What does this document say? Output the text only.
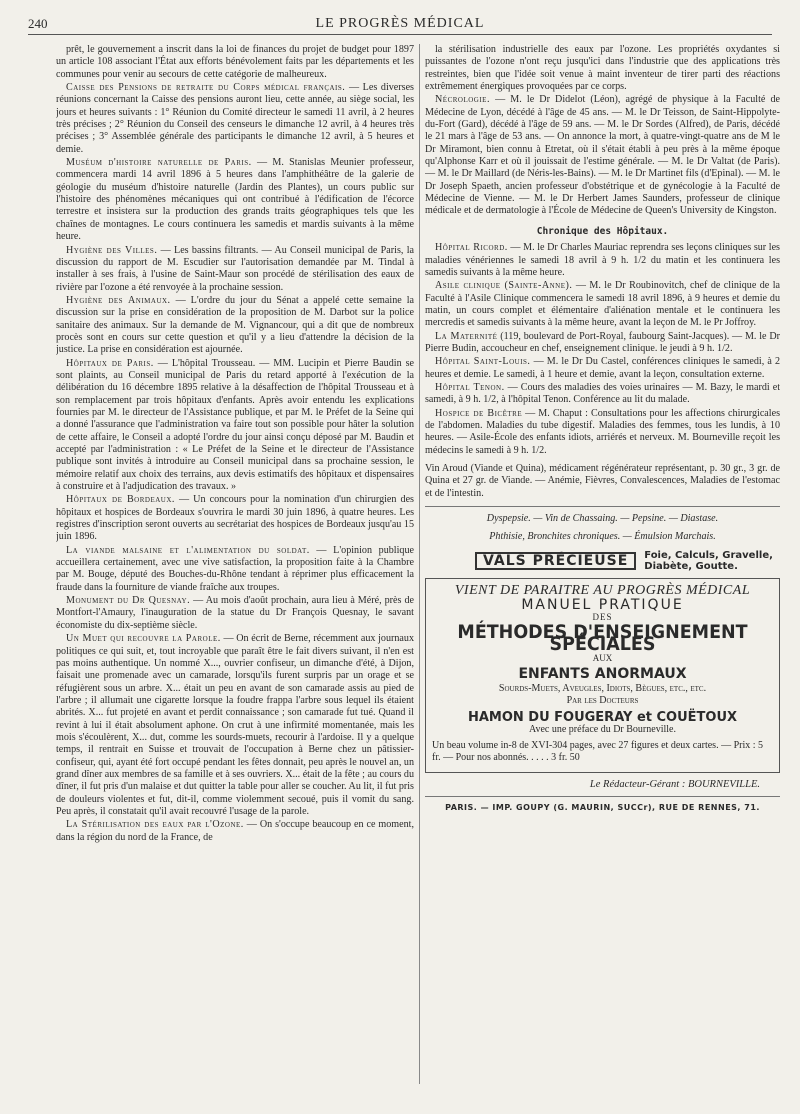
240	LE PROGRÈS MÉDICAL

prêt, le gouvernement a inscrit dans la loi de finances du projet de budget pour 1897 un article 108 associant l'État aux efforts bénévolement faits par les départements et les communes pour venir au secours de cette catégorie de malheureux.

Caisse des Pensions de retraite du Corps médical français. — Les diverses réunions concernant la Caisse des pensions auront lieu, cette année, au siège social, les jours et heures suivants : 1° Réunion du Comité directeur le samedi 11 avril, à 2 heures très précises ; 2° Réunion du Conseil des censeurs le dimanche 12 avril, à 4 heures très précises ; 3° Assemblée générale des participants le dimanche 12 avril, à 5 heures et demie.

Muséum d'histoire naturelle de Paris. — M. Stanislas Meunier professeur, commencera mardi 14 avril 1896 à 5 heures dans l'amphithéâtre de la galerie de géologie du muséum d'histoire naturelle (Jardin des Plantes), un cours public sur l'histoire des phénomènes mécaniques qui ont contribué à l'édification de l'écorce terrestre et insistera sur la production des grands traits géographiques tels que les chaînes de montagnes. Le cours continuera les samedis et mardis suivants à la même heure.

Hygiène des Villes. — Les bassins filtrants. — Au Conseil municipal de Paris, la discussion du rapport de M. Escudier sur l'autorisation demandée par M. Tindal à installer à ses frais, à l'usine de Saint-Maur son procédé de stérilisation des eaux de rivière par l'ozone a été renvoyée à la prochaine session.

Hygiène des Animaux. — L'ordre du jour du Sénat a appelé cette semaine la discussion sur la prise en considération de la proposition de M. Darbot sur la police sanitaire des animaux. Sur la demande de M. Vignancour, qui a dit que de nombreux procès sont en cours sur cette question et qu'il y a lieu d'attendre la décision de la justice. La prise en considération est ajournée.

Hôpitaux de Paris. — L'hôpital Trousseau. — MM. Lucipin et Pierre Baudin se sont plaints, au Conseil municipal de Paris du retard apporté à l'exécution de la délibération du 16 décembre 1895 relative à la désaffection de l'hôpital Trousseau et à son remplacement par trois hôpitaux d'enfants. Après avoir entendu les explications fournies par M. le directeur de l'Assistance publique, et par M. le Préfet de la Seine qui a donné l'assurance que l'administration va faire tout son possible pour hâter la solution de cette affaire, le Conseil a adopté l'ordre du jour ainsi conçu déposé par M. Baudin et accepté par l'administration : « Le Préfet de la Seine et le directeur de l'Assistance publique sont invités à introduire au Conseil municipal dans sa prochaine session, le mémoire relatif aux choix des terrains, aux devis estimatifs des hôpitaux et dispensaires à construire et à l'adjudication des travaux. »

Hôpitaux de Bordeaux. — Un concours pour la nomination d'un chirurgien des hôpitaux et hospices de Bordeaux s'ouvrira le mardi 30 juin 1896, à quatre heures. Les registres d'inscription seront ouverts au secrétariat des hospices de Bordeaux jusqu'au 15 juin 1896.

La viande malsaine et l'alimentation du soldat. — L'opinion publique accueillera certainement, avec une vive satisfaction, la proposition faite à la Chambre par M. Bouge, député des Bouches-du-Rhône tendant à réprimer plus efficacement la fraude dans la fourniture de viande fraîche aux troupes.

Monument du Dr Quesnay. — Au mois d'août prochain, aura lieu à Méré, près de Montfort-l'Amaury, l'inauguration de la statue du Dr François Quesnay, le savant économiste du dix-septième siècle.

Un Muet qui recouvre la Parole. — On écrit de Berne, récemment aux journaux politiques ce qui suit, et, tout incroyable que paraît être le fait divers suivant, il n'en est pas moins authentique. Un nommé X..., ouvrier confiseur, un dimanche d'été, à Dijon, faisait une promenade avec un camarade, lorsqu'ils furent surpris par un orage et se réfugièrent sous un arbre. X... était un peu en avant de son camarade assis au pied de l'arbre ; il allumait une cigarette lorsque la foudre frappa l'arbre sous lequel ils étaient abrités. X... fut projeté en avant et perdit connaissance ; son camarade fut tué. Quand il revint à lui il était absolument aphone. On crut à une infirmité momentanée, mais les mois s'écoulèrent, X... dut, comme les sourds-muets, recourir à l'ardoise. Il y a quelque temps, il rentrait en Suisse et trouvait de l'occupation à Berne chez un pâtissier-confiseur, qui, ayant été fort occupé pendant les fêtes donnait, peu après le nouvel an, un grand dîner aux membres de sa famille et à ses ouvriers. X... était de la fête ; au cours du dîner, il fut pris d'un malaise et dut quitter la table pour aller se coucher. Au lit, il fut pris de douleurs violentes et fut, dit-il, comme violemment secoué, puis il vomit du sang. Peu après, il constatait qu'il avait recouvré l'usage de la parole.

La Stérilisation des eaux par l'Ozone. — On s'occupe beaucoup en ce moment, dans la région du nord de la France, de

la stérilisation industrielle des eaux par l'ozone. Les propriétés oxydantes si puissantes de l'ozone n'ont reçu jusqu'ici dans l'industrie que des applications très restreintes, bien que l'idée soit venue à maint inventeur de tirer parti des réactions extrêmement énergiques provoquées par ce corps.

Nécrologie. — M. le Dr Didelot (Léon), agrégé de physique à la Faculté de Médecine de Lyon, décédé à l'âge de 45 ans. — M. le Dr Teisson, de Saint-Hippolyte-du-Fort (Gard), décédé à l'âge de 59 ans. — M. le Dr Sordes (Alfred), de Paris, décédé le 21 mars à l'âge de 53 ans. — On annonce la mort, à quatre-vingt-quatre ans de M le Dr Miramont, bien connu à Etretat, où il s'était établi à peu près à la même époque qu'Alphonse Karr et où il jouissait de l'estime générale. — M. le Dr Valtat (de Paris). — M. le Dr Maillard (de Néris-les-Bains). — M. le Dr Martinet fils (d'Epinal). — M. le Dr Joseph Spaeth, ancien professeur d'obstétrique et de gynécologie à la Faculté de Médecine de Vienne. — M. le Dr Herbert James Saunders, professeur de clinique médicale et de dermatologie à l'École de Médecine de Queen's University de Kingston.

Chronique des Hôpitaux.

Hôpital Ricord. — M. le Dr Charles Mauriac reprendra ses leçons cliniques sur les maladies vénériennes le samedi 18 avril à 9 h. 1/2 du matin et les continuera les samedis suivants à la même heure.

Asile clinique (Sainte-Anne). — M. le Dr Roubinovitch, chef de clinique de la Faculté à l'Asile Clinique commencera le samedi 18 avril 1896, à 9 heures et demie du matin, un cours complet et élémentaire d'aliénation mentale et le continuera les mercredis et samedis suivants à la même heure, avant la leçon de M. le Pr Joffroy.

La Maternité (119, boulevard de Port-Royal, faubourg Saint-Jacques). — M. le Dr Pierre Budin, accoucheur en chef, enseignement clinique. le jeudi à 9 h. 1/2.

Hôpital Saint-Louis. — M. le Dr Du Castel, conférences cliniques le samedi, à 2 heures et demie. Le samedi, à 1 heure et demie, avant la leçon, consultation externe.

Hôpital Tenon. — Cours des maladies des voies urinaires — M. Bazy, le mardi et samedi, à 9 h. 1/2, à l'hôpital Tenon. Conférence au lit du malade.

Hospice de Bicêtre — M. Chaput : Consultations pour les affections chirurgicales de l'abdomen. Maladies du tube digestif. Maladies des femmes, tous les lundis, à 10 heures. — Asile-École des enfants idiots, arriérés et nerveux. M. Bourneville reçoit les médecins le samedi à 9 h. 1/2.

Vin Aroud (Viande et Quina), médicament régénérateur représentant, p. 30 gr., 3 gr. de Quina et 27 gr. de Viande. — Anémie, Fièvres, Convalescences, Maladies de l'estomac et de l'intestin.

Dyspepsie. — Vin de Chassaing. — Pepsine. — Diastase.

Phthisie, Bronchites chroniques. — Émulsion Marchais.

VALS PRÉCIEUSE	Foie, Calculs, Gravelle,
Diabète, Goutte.
VIENT DE PARAITRE AU PROGRÈS MÉDICAL
MANUEL PRATIQUE
DES
MÉTHODES D'ENSEIGNEMENT SPÉCIALES
AUX
ENFANTS ANORMAUX
Sourds-Muets, Aveugles, Idiots, Bègues, etc., etc.
Par les Docteurs
HAMON DU FOUGERAY et COUËTOUX
Avec une préface du Dr Bourneville.
Un beau volume in-8 de XVI-304 pages, avec 27 figures et deux cartes. — Prix : 5 fr. — Pour nos abonnés. . . . . 3 fr. 50
Le Rédacteur-Gérant : BOURNEVILLE.
PARIS. — IMP. GOUPY (G. MAURIN, SUCCr), RUE DE RENNES, 71.
